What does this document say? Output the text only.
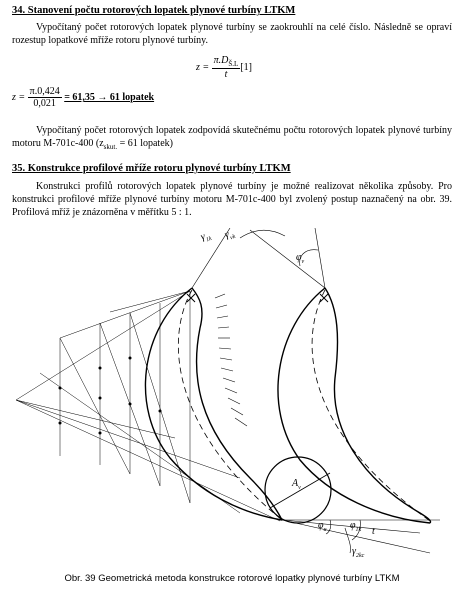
34. Stanovení počtu rotorových lopatek plynové turbíny LTKM
Vypočítaný počet rotorových lopatek plynové turbíny se zaokrouhlí na celé číslo. Následně se opraví rozestup lopatkové mříže rotoru plynové turbíny.
$z = \frac{\pi.D_{Š.L}}{t} [1]$
$z = \frac{\pi.0,424}{0,021} = 61,35 \to 61$ lopatek
Vypočítaný počet rotorových lopatek zodpovídá skutečnému počtu rotorových lopatek plynové turbíny motoru M-701c-400 ($z_{skut.} = 61$ lopatek)
35. Konstrukce profilové mříže rotoru plynové turbíny LTKM
Konstrukci profilů rotorových lopatek plynové turbíny je možné realizovat několika způsoby. Pro konstrukci profilové mříže plynové turbíny motoru M-701c-400 byl zvolený postup naznačený na obr. 39. Profilová mříž je znázorněna v měřítku 5 : 1.
$\gamma_{1k}$ $\gamma_{vk}$
$\varphi_v$
$A_v$
$\varphi_u$ $\varphi_{1k}$ t
$\gamma_{2kc}$
Obr. 39 Geometrická metoda konstrukce rotorové lopatky plynové turbíny LTKM
